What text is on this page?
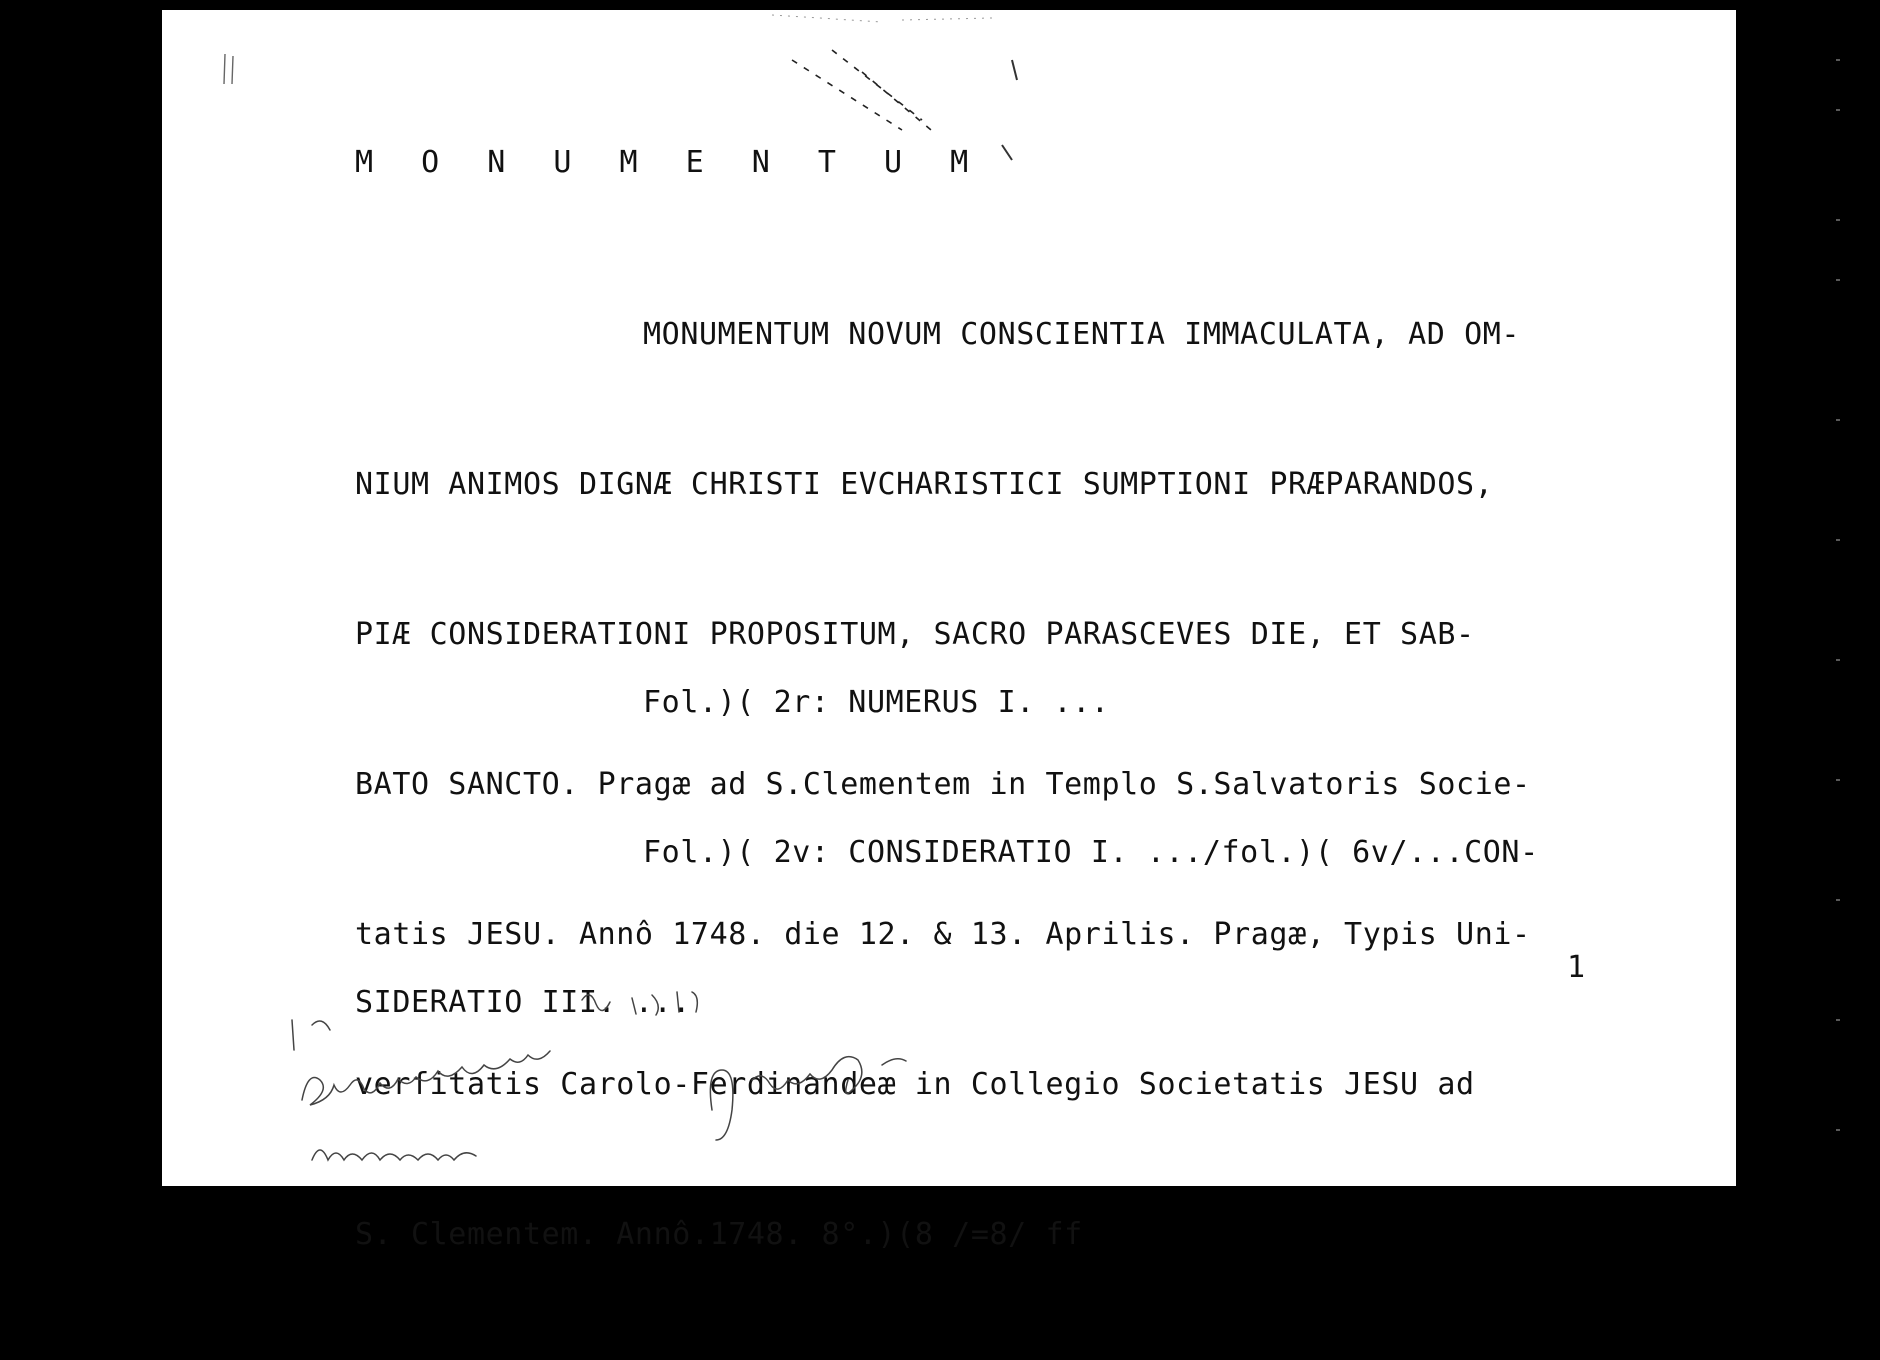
M O N U M E N T U M

MONUMENTUM NOVUM CONSCIENTIA IMMACULATA, AD OM-

NIUM ANIMOS DIGNÆ CHRISTI EVCHARISTICI SUMPTIONI PRÆPARANDOS,

PIÆ CONSIDERATIONI PROPOSITUM, SACRO PARASCEVES DIE, ET SAB-

BATO SANCTO. Pragæ ad S.Clementem in Templo S.Salvatoris Socie-

tatis JESU. Annô 1748. die 12. & 13. Aprilis. Pragæ, Typis Uni-

verſitatis Carolo-Ferdinandeæ in Collegio Societatis JESU ad

S. Clementem. Annô.1748. 8°.)(8 /=8/ ff

Fol.)( 2r: NUMERUS I. ...

Fol.)( 2v: CONSIDERATIO I. .../fol.)( 6v/...CON-

SIDERATIO III. ...

1
